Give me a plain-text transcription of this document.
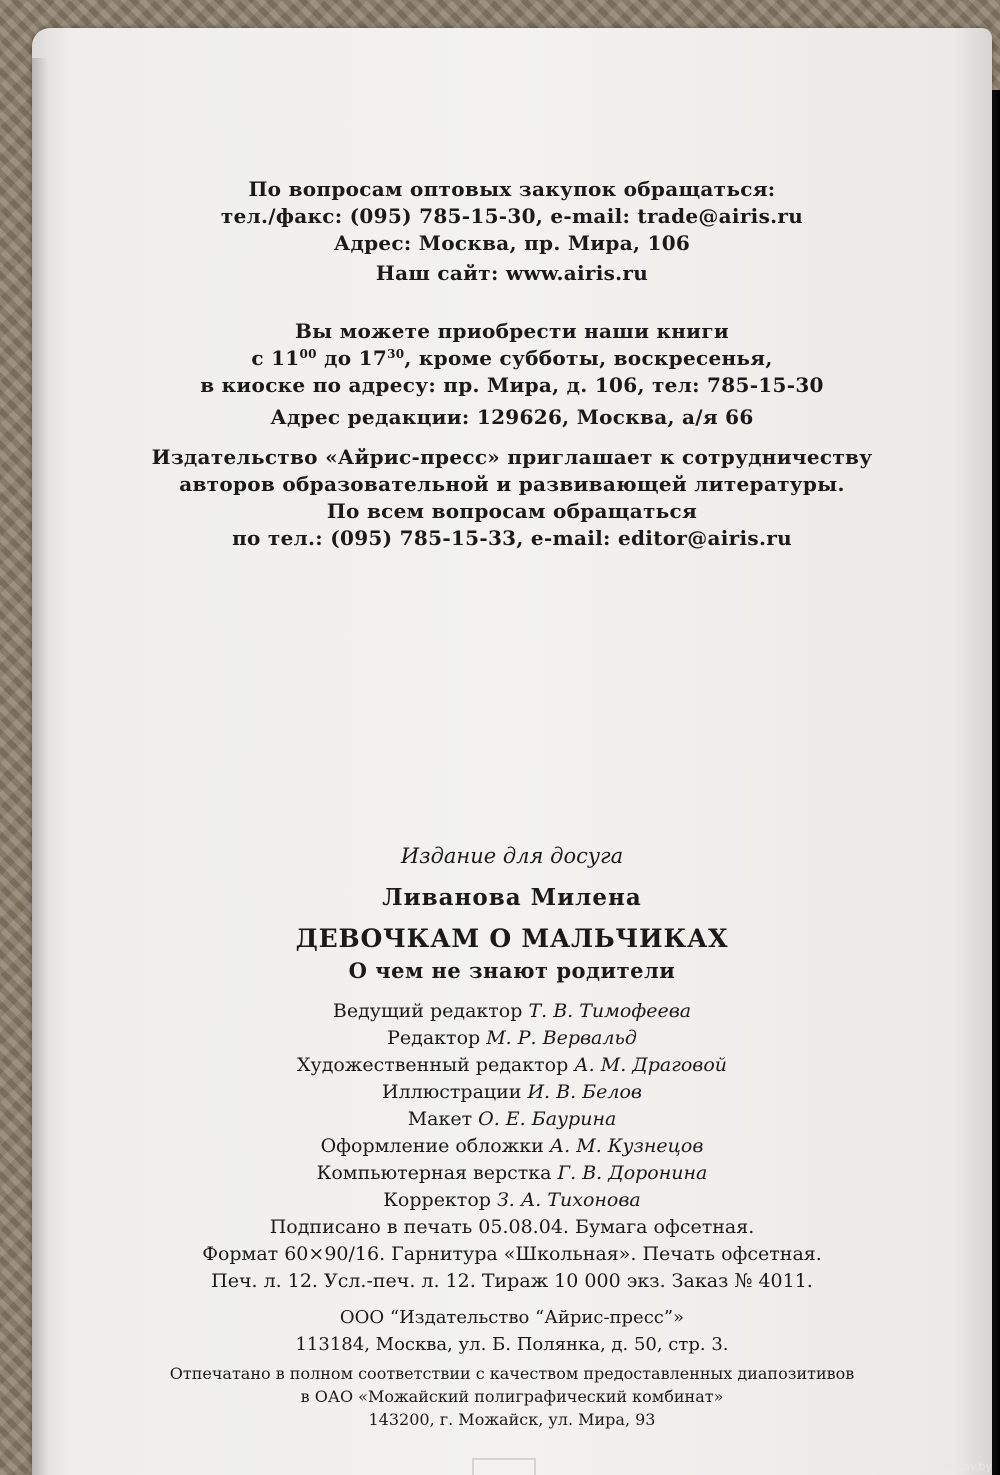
По вопросам оптовых закупок обращаться:
тел./факс: (095) 785-15-30, e-mail: trade@airis.ru
Адрес: Москва, пр. Мира, 106
Наш сайт: www.airis.ru
Вы можете приобрести наши книги
с $11^{00}$ до $17^{30}$, кроме субботы, воскресенья,
в киоске по адресу: пр. Мира, д. 106, тел: 785-15-30
Адрес редакции: 129626, Москва, а/я 66
Издательство «Айрис-пресс» приглашает к сотрудничеству
авторов образовательной и развивающей литературы.
По всем вопросам обращаться
по тел.: (095) 785-15-33, e-mail: editor@airis.ru
Издание для досуга
Ливанова Милена
ДЕВОЧКАМ О МАЛЬЧИКАХ
О чем не знают родители
Ведущий редактор Т. В. Тимофеева
Редактор М. Р. Вервальд
Художественный редактор А. М. Драговой
Иллюстрации И. В. Белов
Макет О. Е. Баурина
Оформление обложки А. М. Кузнецов
Компьютерная верстка Г. В. Доронина
Корректор З. А. Тихонова
Подписано в печать 05.08.04. Бумага офсетная.
Формат 60×90/16. Гарнитура «Школьная». Печать офсетная.
Печ. л. 12. Усл.-печ. л. 12. Тираж 10 000 экз. Заказ № 4011.
ООО “Издательство “Айрис-пресс”»
113184, Москва, ул. Б. Полянка, д. 50, стр. 3.
Отпечатано в полном соответствии с качеством предоставленных диапозитивов
в ОАО «Можайский полиграфический комбинат»
143200, г. Можайск, ул. Мира, 93
www.ay.by
